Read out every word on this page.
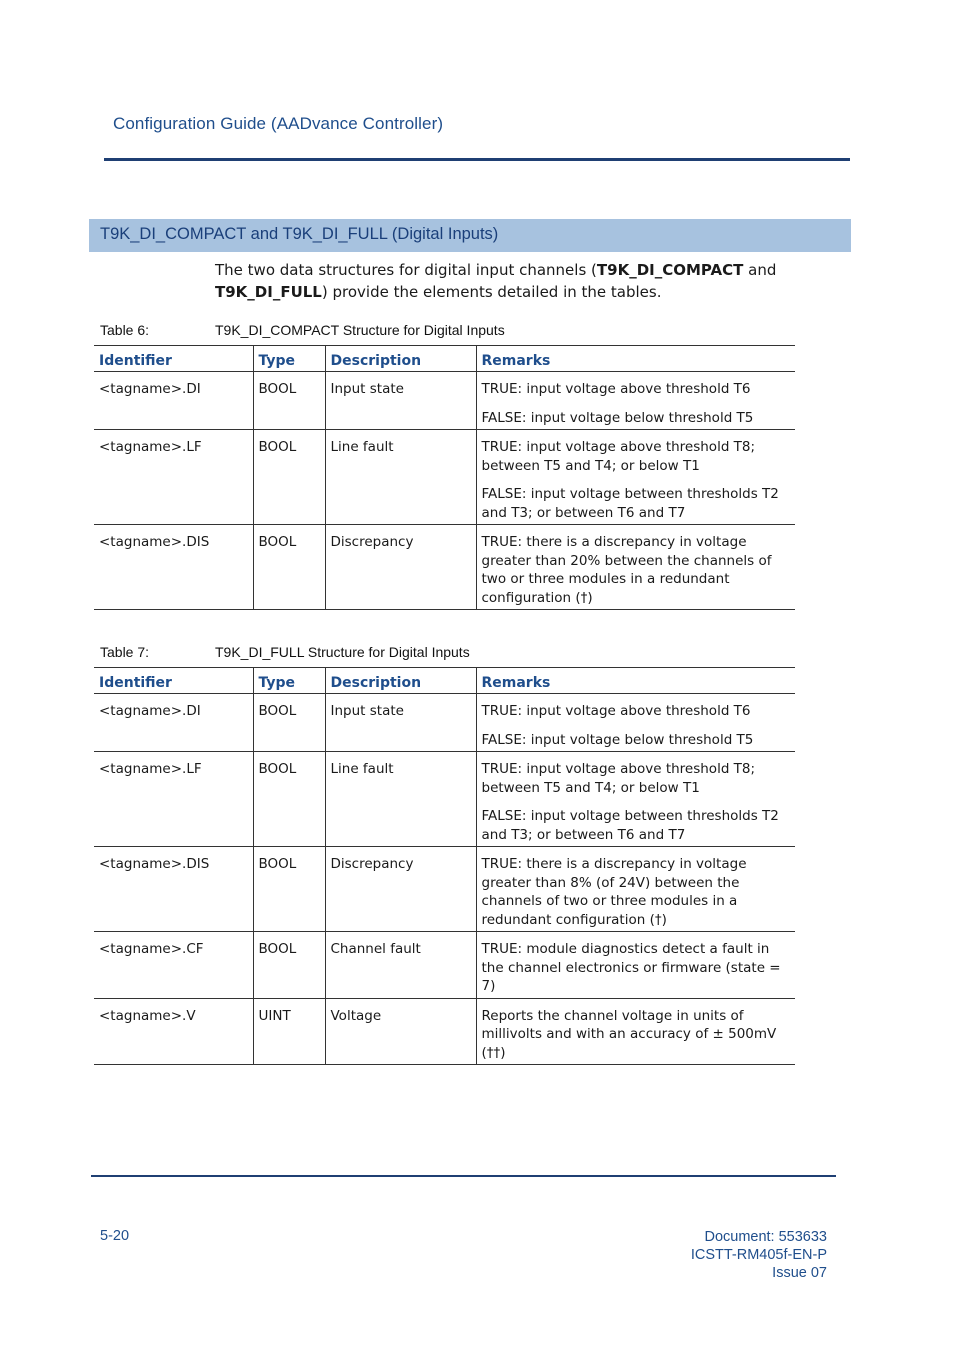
Configuration Guide (AADvance Controller)
T9K_DI_COMPACT and T9K_DI_FULL (Digital Inputs)
The two data structures for digital input channels (T9K_DI_COMPACT and T9K_DI_FULL) provide the elements detailed in the tables.
Table 6:	T9K_DI_COMPACT Structure for Digital Inputs
Identifier	Type	Description	Remarks
<tagname>.DI	BOOL	Input state	TRUE: input voltage above threshold T6
FALSE: input voltage below threshold T5

<tagname>.LF	BOOL	Line fault	TRUE: input voltage above threshold T8; between T5 and T4; or below T1
FALSE: input voltage between thresholds T2 and T3; or between T6 and T7

<tagname>.DIS	BOOL	Discrepancy	TRUE: there is a discrepancy in voltage greater than 20% between the channels of two or three modules in a redundant configuration (†)
Table 7:	T9K_DI_FULL Structure for Digital Inputs
Identifier	Type	Description	Remarks
<tagname>.DI	BOOL	Input state	TRUE: input voltage above threshold T6
FALSE: input voltage below threshold T5

<tagname>.LF	BOOL	Line fault	TRUE: input voltage above threshold T8; between T5 and T4; or below T1
FALSE: input voltage between thresholds T2 and T3; or between T6 and T7

<tagname>.DIS	BOOL	Discrepancy	TRUE: there is a discrepancy in voltage greater than 8% (of 24V) between the channels of two or three modules in a redundant configuration (†)

<tagname>.CF	BOOL	Channel fault	TRUE: module diagnostics detect a fault in the channel electronics or firmware (state = 7)

<tagname>.V	UINT	Voltage	Reports the channel voltage in units of millivolts and with an accuracy of ± 500mV (††)
5-20	Document: 553633
ICSTT-RM405f-EN-P
Issue 07
